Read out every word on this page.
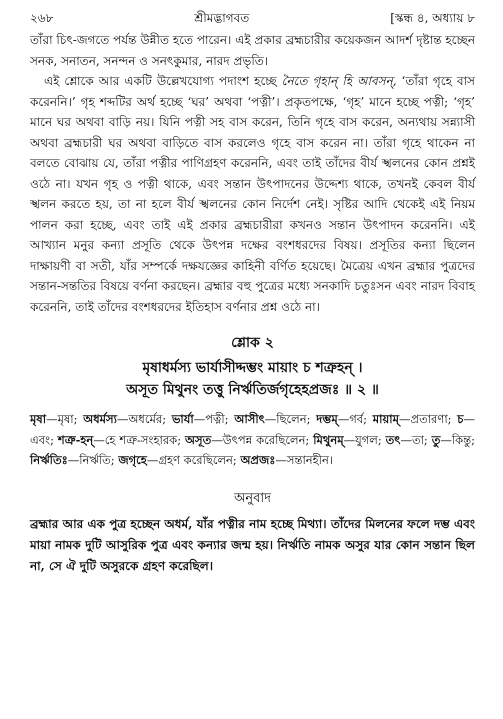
২৬৮	শ্রীমদ্ভাগবত	[স্কন্ধ ৪, অধ্যায় ৮

তাঁরা চিৎ-জগতে পর্যন্ত উন্নীত হতে পারেন। এই প্রকার ব্রহ্মচারীর কয়েকজন আদর্শ দৃষ্টান্ত হচ্ছেন সনক, সনাতন, সনন্দন ও সনৎকুমার, নারদ প্রভৃতি।

এই শ্লোকে আর একটি উল্লেখযোগ্য পদাংশ হচ্ছে নৈতে গৃহান্ হি আবসন্, ‘তাঁরা গৃহে বাস করেননি।’ গৃহ শব্দটির অর্থ হচ্ছে ‘ঘর’ অথবা ‘পত্নী’। প্রকৃতপক্ষে, ‘গৃহ’ মানে হচ্ছে পত্নী; ‘গৃহ’ মানে ঘর অথবা বাড়ি নয়। যিনি পত্নী সহ বাস করেন, তিনি গৃহে বাস করেন, অন্যথায় সন্ন্যাসী অথবা ব্রহ্মচারী ঘর অথবা বাড়িতে বাস করলেও গৃহে বাস করেন না। তাঁরা গৃহে থাকেন না বলতে বোঝায় যে, তাঁরা পত্নীর পাণিগ্রহণ করেননি, এবং তাই তাঁদের বীর্য স্খলনের কোন প্রশ্নই ওঠে না। যখন গৃহ ও পত্নী থাকে, এবং সন্তান উৎপাদনের উদ্দেশ্য থাকে, তখনই কেবল বীর্য স্খলন করতে হয়, তা না হলে বীর্য স্খলনের কোন নির্দেশ নেই। সৃষ্টির আদি থেকেই এই নিয়ম পালন করা হচ্ছে, এবং তাই এই প্রকার ব্রহ্মচারীরা কখনও সন্তান উৎপাদন করেননি। এই আখ্যান মনুর কন্যা প্রসূতি থেকে উৎপন্ন দক্ষের বংশধরদের বিষয়। প্রসূতির কন্যা ছিলেন দাক্ষায়ণী বা সতী, যাঁর সম্পর্কে দক্ষযজ্ঞের কাহিনী বর্ণিত হয়েছে। মৈত্রেয় এখন ব্রহ্মার পুত্রদের সন্তান-সন্ততির বিষয়ে বর্ণনা করছেন। ব্রহ্মার বহু পুত্রের মধ্যে সনকাদি চতুঃসন এবং নারদ বিবাহ করেননি, তাই তাঁদের বংশধরদের ইতিহাস বর্ণনার প্রশ্ন ওঠে না।

শ্লোক ২
মৃষাধর্মস্য ভার্যাসীদ্দম্ভং মায়াং চ শত্রুহন্ ।
অসূত মিথুনং তত্তু নির্ঋতির্জগৃহেহপ্রজঃ ॥ ২ ॥

মৃষা—মৃষা; অধর্মস্য—অধর্মের; ভার্যা—পত্নী; আসীৎ—ছিলেন; দম্ভম্—গর্ব; মায়াম্—প্রতারণা; চ—এবং; শত্রু-হন্—হে শত্রু-সংহারক; অসূত—উৎপন্ন করেছিলেন; মিথুনম্—যুগল; তৎ—তা; তু—কিন্তু; নির্ঋতিঃ—নির্ঋতি; জগৃহে—গ্রহণ করেছিলেন; অপ্রজঃ—সন্তানহীন।

অনুবাদ

ব্রহ্মার আর এক পুত্র হচ্ছেন অধর্ম, যাঁর পত্নীর নাম হচ্ছে মিথ্যা। তাঁদের মিলনের ফলে দম্ভ এবং মায়া নামক দুটি আসুরিক পুত্র এবং কন্যার জন্ম হয়। নির্ঋতি নামক অসুর যার কোন সন্তান ছিল না, সে ঐ দুটি অসুরকে গ্রহণ করেছিল।
